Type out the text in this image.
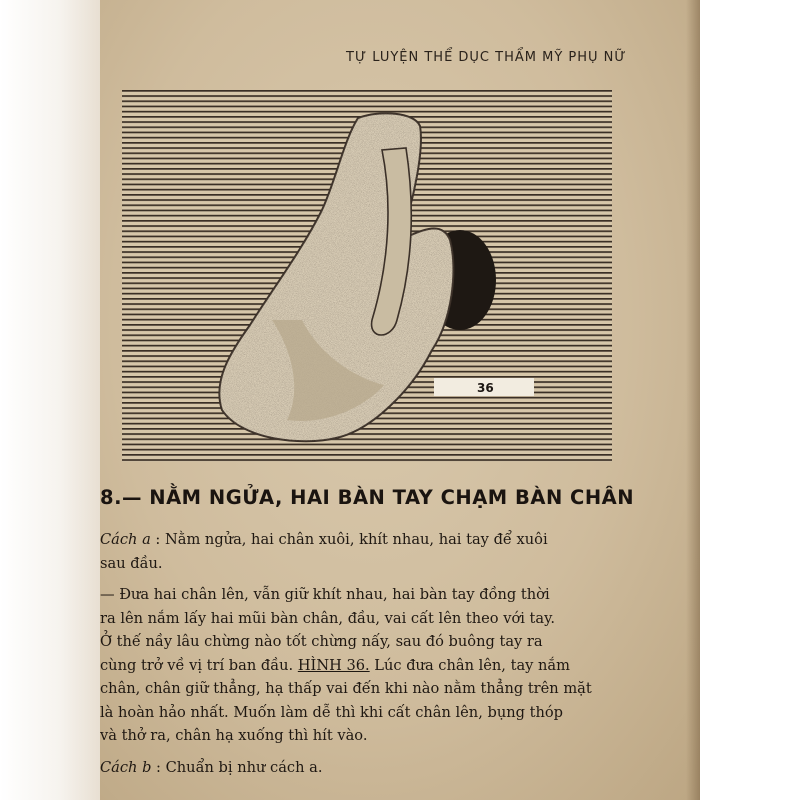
TỰ LUYỆN THỂ DỤC THẨM MỸ PHỤ NỮ
36
8.— NẰM NGỬA, HAI BÀN TAY CHẠM BÀN CHÂN

Cách a : Nằm ngửa, hai chân xuôi, khít nhau, hai tay để xuôi

sau đầu.

— Đưa hai chân lên, vẫn giữ khít nhau, hai bàn tay đồng thời

ra lên nắm lấy hai mũi bàn chân, đầu, vai cất lên theo với tay.

Ở thế nầy lâu chừng nào tốt chừng nấy, sau đó buông tay ra

cùng trở về vị trí ban đầu. HÌNH 36. Lúc đưa chân lên, tay nắm

chân, chân giữ thẳng, hạ thấp vai đến khi nào nằm thẳng trên mặt

là hoàn hảo nhất. Muốn làm dễ thì khi cất chân lên, bụng thóp

và thở ra, chân hạ xuống thì hít vào.

Cách b : Chuẩn bị như cách a.
